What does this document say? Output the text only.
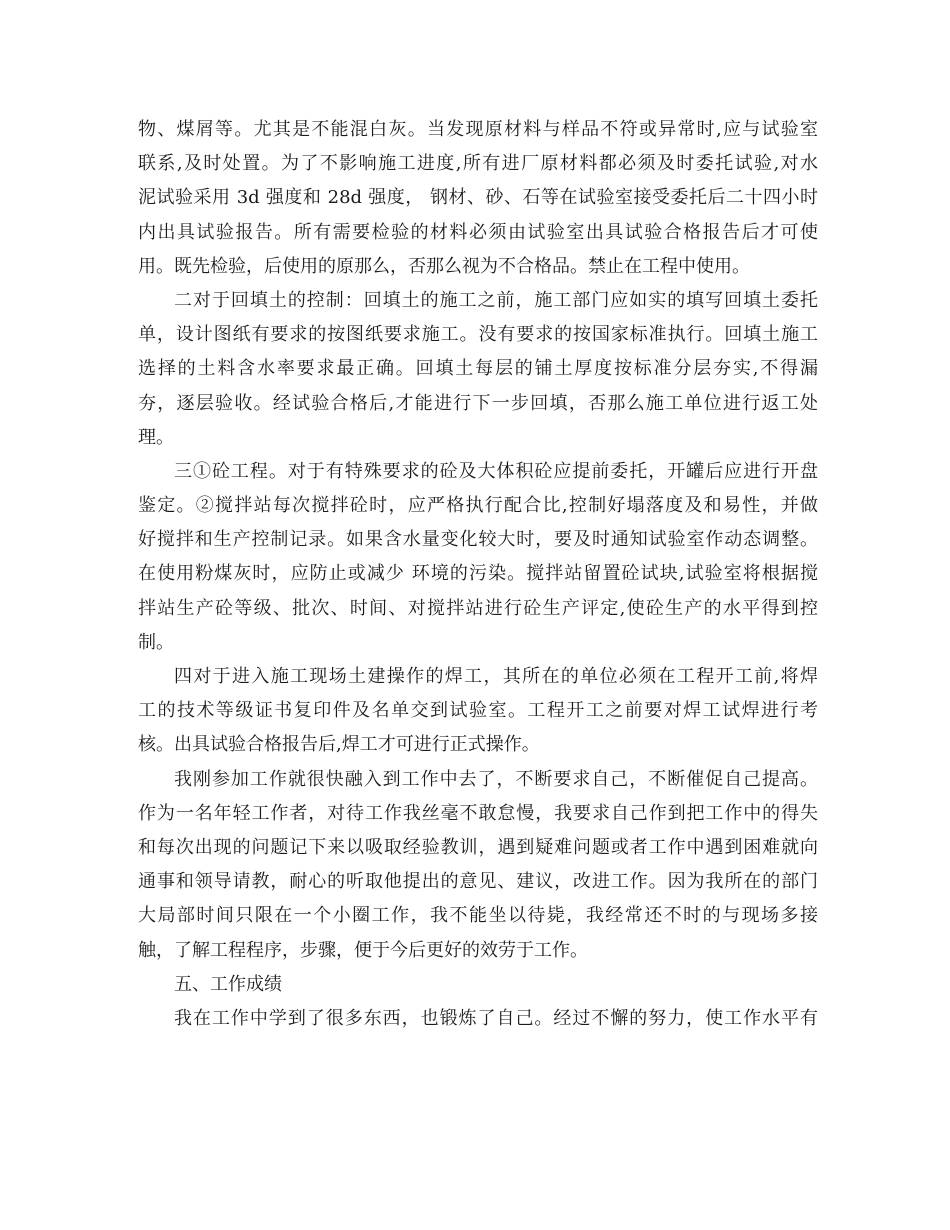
物、煤屑等。尤其是不能混白灰。当发现原材料与样品不符或异常时,应与试验室
联系,及时处置。为了不影响施工进度,所有进厂原材料都必须及时委托试验,对水
泥试验采用 3d 强度和 28d 强度， 钢材、砂、石等在试验室接受委托后二十四小时
内出具试验报告。所有需要检验的材料必须由试验室出具试验合格报告后才可使
用。既先检验，后使用的原那么，否那么视为不合格品。禁止在工程中使用。
二对于回填土的控制：回填土的施工之前，施工部门应如实的填写回填土委托
单，设计图纸有要求的按图纸要求施工。没有要求的按国家标准执行。回填土施工
选择的土料含水率要求最正确。回填土每层的铺土厚度按标准分层夯实,不得漏
夯，逐层验收。经试验合格后,才能进行下一步回填，否那么施工单位进行返工处
理。
三①砼工程。对于有特殊要求的砼及大体积砼应提前委托，开罐后应进行开盘
鉴定。②搅拌站每次搅拌砼时，应严格执行配合比,控制好塌落度及和易性，并做
好搅拌和生产控制记录。如果含水量变化较大时，要及时通知试验室作动态调整。
在使用粉煤灰时，应防止或减少 环境的污染。搅拌站留置砼试块,试验室将根据搅
拌站生产砼等级、批次、时间、对搅拌站进行砼生产评定,使砼生产的水平得到控
制。
四对于进入施工现场土建操作的焊工，其所在的单位必须在工程开工前,将焊
工的技术等级证书复印件及名单交到试验室。工程开工之前要对焊工试焊进行考
核。出具试验合格报告后,焊工才可进行正式操作。
我刚参加工作就很快融入到工作中去了，不断要求自己，不断催促自己提高。
作为一名年轻工作者，对待工作我丝毫不敢怠慢，我要求自己作到把工作中的得失
和每次出现的问题记下来以吸取经验教训，遇到疑难问题或者工作中遇到困难就向
通事和领导请教，耐心的听取他提出的意见、建议，改进工作。因为我所在的部门
大局部时间只限在一个小圈工作，我不能坐以待毙，我经常还不时的与现场多接
触，了解工程程序，步骤，便于今后更好的效劳于工作。
五、工作成绩
我在工作中学到了很多东西，也锻炼了自己。经过不懈的努力，使工作水平有
